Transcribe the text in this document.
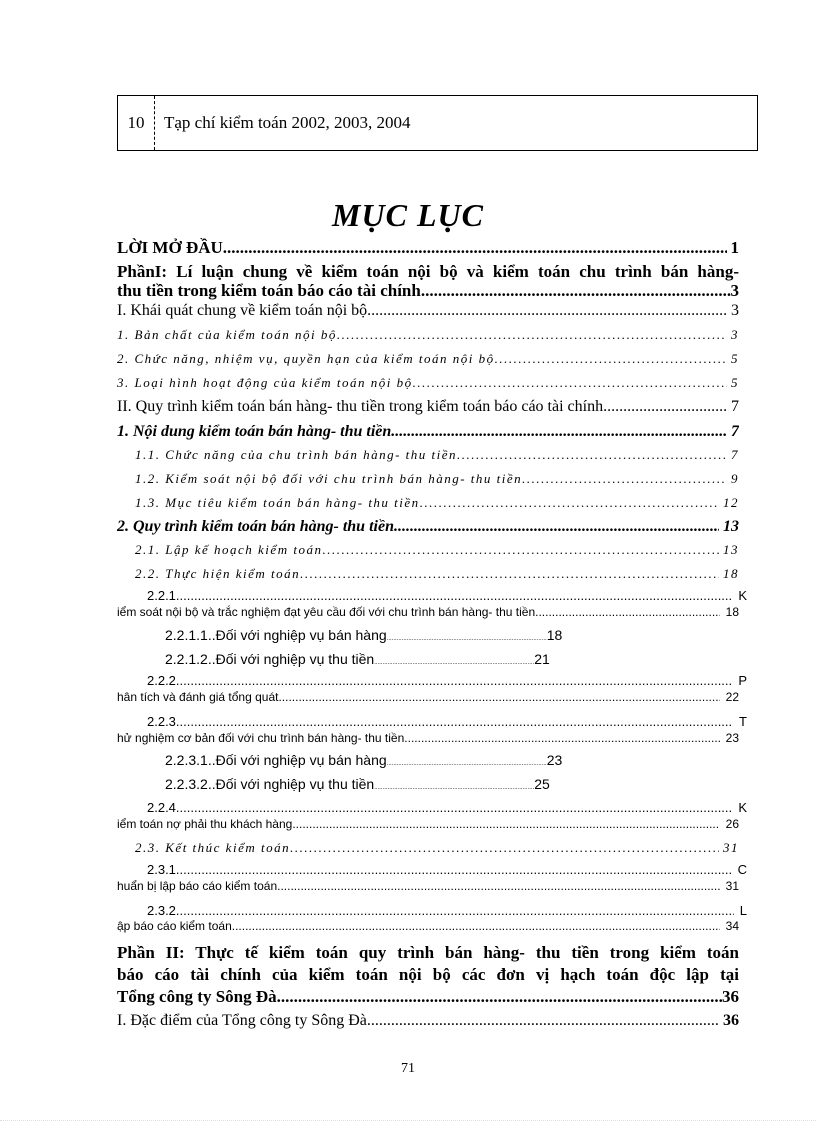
10	Tạp chí kiểm toán 2002, 2003, 2004
MỤC LỤC
LỜI MỞ ĐẦU .....	1
PhầnI: Lí luận chung về kiểm toán nội bộ và kiểm toán chu trình bán hàng-
thu tiền trong kiểm toán báo cáo tài chính .....	3
I. Khái quát chung về kiểm toán nội bộ .....	3
1. Bản chất của kiểm toán nội bộ .....	3
2. Chức năng, nhiệm vụ, quyền hạn của kiểm toán nội bộ .....	5
3. Loại hình hoạt động của kiểm toán nội bộ .....	5
II. Quy trình kiểm toán bán hàng- thu tiền trong kiểm toán báo cáo tài chính .....	7
1. Nội dung kiểm toán bán hàng- thu tiền .....	7
1.1. Chức năng của chu trình bán hàng- thu tiền .....	7
1.2. Kiểm soát nội bộ đối với chu trình bán hàng- thu tiền .....	9
1.3. Mục tiêu kiểm toán bán hàng- thu tiền .....	12
2. Quy trình kiểm toán bán hàng- thu tiền .....	13
2.1. Lập kế hoạch kiểm toán .....	13
2.2. Thực hiện kiểm toán .....	18
2.2.1 .....	K
iểm soát nội bộ và trắc nghiệm đạt yêu cầu đối với chu trình bán hàng- thu tiền .....	18
2.2.1.1..Đối với nghiệp vụ bán hàng ................................................................................................ 18
2.2.1.2..Đối với nghiệp vụ thu tiền ................................................................................................ 21
2.2.2 .....	P
hân tích và đánh giá tổng quát .....	22
2.2.3 .....	T
hử nghiệm cơ bản đối với chu trình bán hàng- thu tiền .....	23
2.2.3.1..Đối với nghiệp vụ bán hàng ................................................................................................ 23
2.2.3.2..Đối với nghiệp vụ thu tiền ................................................................................................ 25
2.2.4 .....	K
iểm toán nợ phải thu khách hàng .....	26
2.3. Kết thúc kiểm toán .....	31
2.3.1 .....	C
huẩn bị lập báo cáo kiểm toán .....	31
2.3.2 .....	L
ập báo cáo kiểm toán .....	34
Phần II: Thực tế kiểm toán quy trình bán hàng- thu tiền trong kiểm toán
báo cáo tài chính của kiểm toán nội bộ các đơn vị hạch toán độc lập tại
Tổng công ty Sông Đà .....	36
I. Đặc điểm của Tổng công ty Sông Đà .....	36
71
